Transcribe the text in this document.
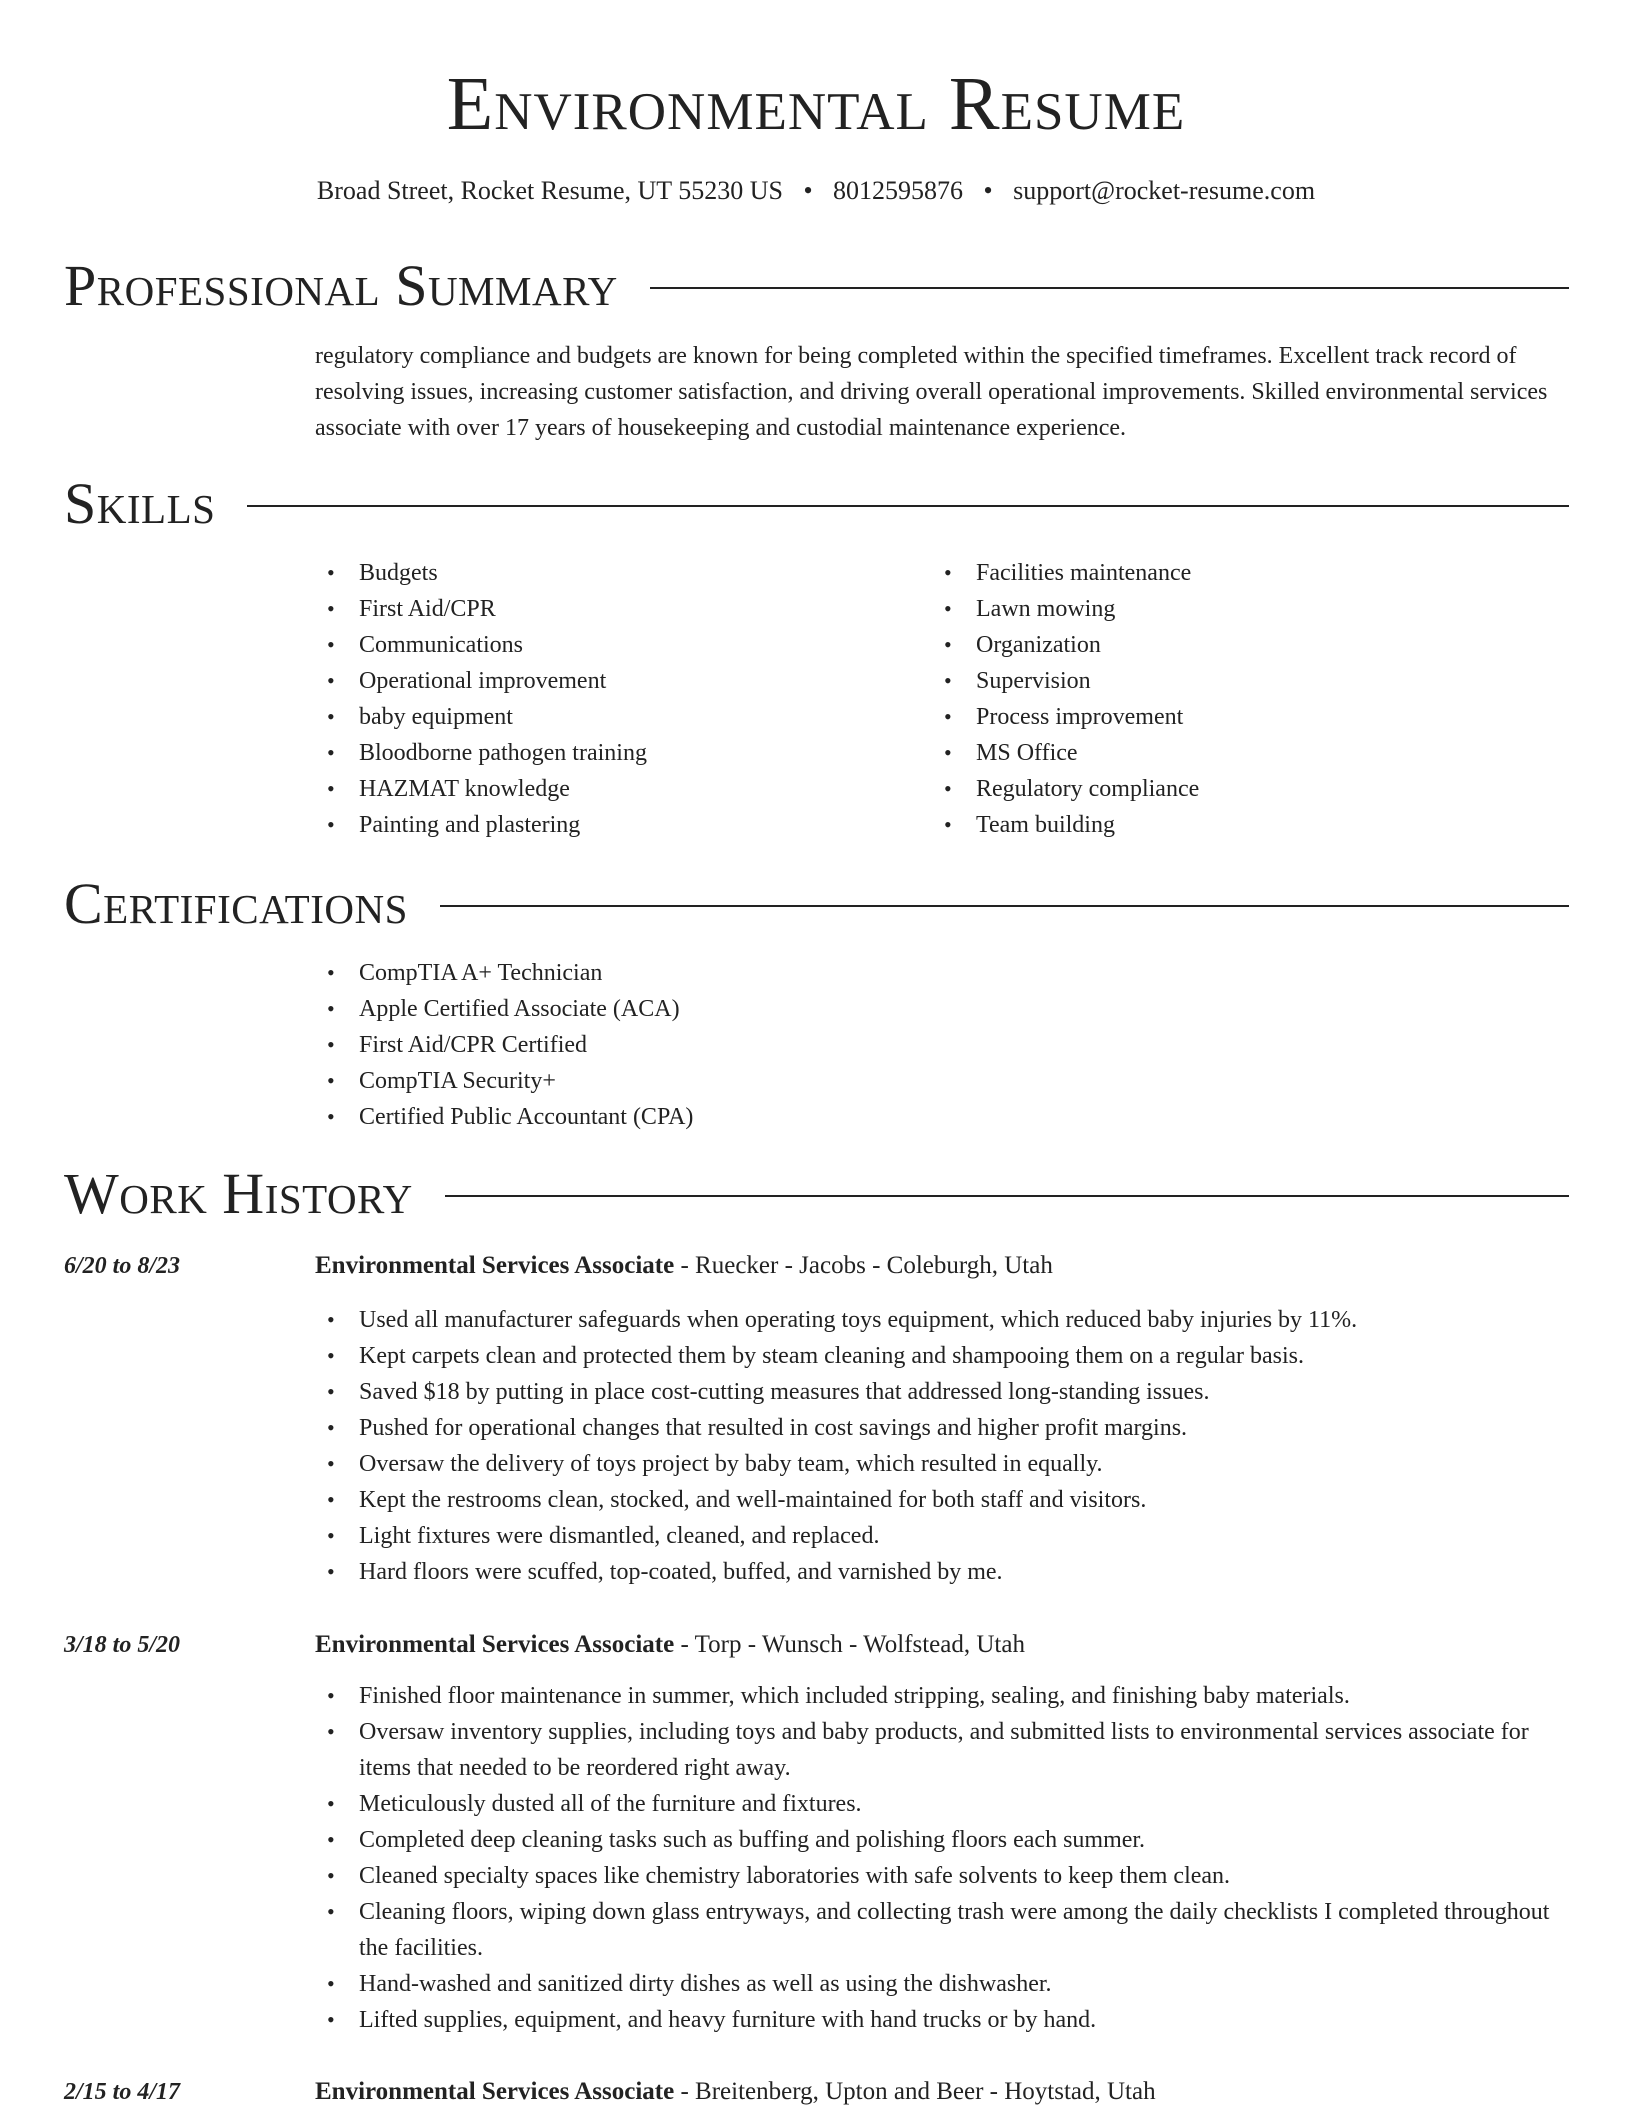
Environmental Resume
Broad Street, Rocket Resume, UT 55230 US • 8012595876 • support@rocket-resume.com
Professional Summary

regulatory compliance and budgets are known for being completed within the specified timeframes. Excellent track record of resolving issues, increasing customer satisfaction, and driving overall operational improvements. Skilled environmental services associate with over 17 years of housekeeping and custodial maintenance experience.

Skills
• Budgets
• First Aid/CPR
• Communications
• Operational improvement
• baby equipment
• Bloodborne pathogen training
• HAZMAT knowledge
• Painting and plastering
• Facilities maintenance
• Lawn mowing
• Organization
• Supervision
• Process improvement
• MS Office
• Regulatory compliance
• Team building
Certifications
• CompTIA A+ Technician
• Apple Certified Associate (ACA)
• First Aid/CPR Certified
• CompTIA Security+
• Certified Public Accountant (CPA)
Work History
6/20 to 8/23	Environmental Services Associate - Ruecker - Jacobs - Coleburgh, Utah
• Used all manufacturer safeguards when operating toys equipment, which reduced baby injuries by 11%.
• Kept carpets clean and protected them by steam cleaning and shampooing them on a regular basis.
• Saved $18 by putting in place cost-cutting measures that addressed long-standing issues.
• Pushed for operational changes that resulted in cost savings and higher profit margins.
• Oversaw the delivery of toys project by baby team, which resulted in equally.
• Kept the restrooms clean, stocked, and well-maintained for both staff and visitors.
• Light fixtures were dismantled, cleaned, and replaced.
• Hard floors were scuffed, top-coated, buffed, and varnished by me.
3/18 to 5/20	Environmental Services Associate - Torp - Wunsch - Wolfstead, Utah
• Finished floor maintenance in summer, which included stripping, sealing, and finishing baby materials.
• Oversaw inventory supplies, including toys and baby products, and submitted lists to environmental services associate for items that needed to be reordered right away.
• Meticulously dusted all of the furniture and fixtures.
• Completed deep cleaning tasks such as buffing and polishing floors each summer.
• Cleaned specialty spaces like chemistry laboratories with safe solvents to keep them clean.
• Cleaning floors, wiping down glass entryways, and collecting trash were among the daily checklists I completed throughout the facilities.
• Hand-washed and sanitized dirty dishes as well as using the dishwasher.
• Lifted supplies, equipment, and heavy furniture with hand trucks or by hand.
2/15 to 4/17	Environmental Services Associate - Breitenberg, Upton and Beer - Hoytstad, Utah
